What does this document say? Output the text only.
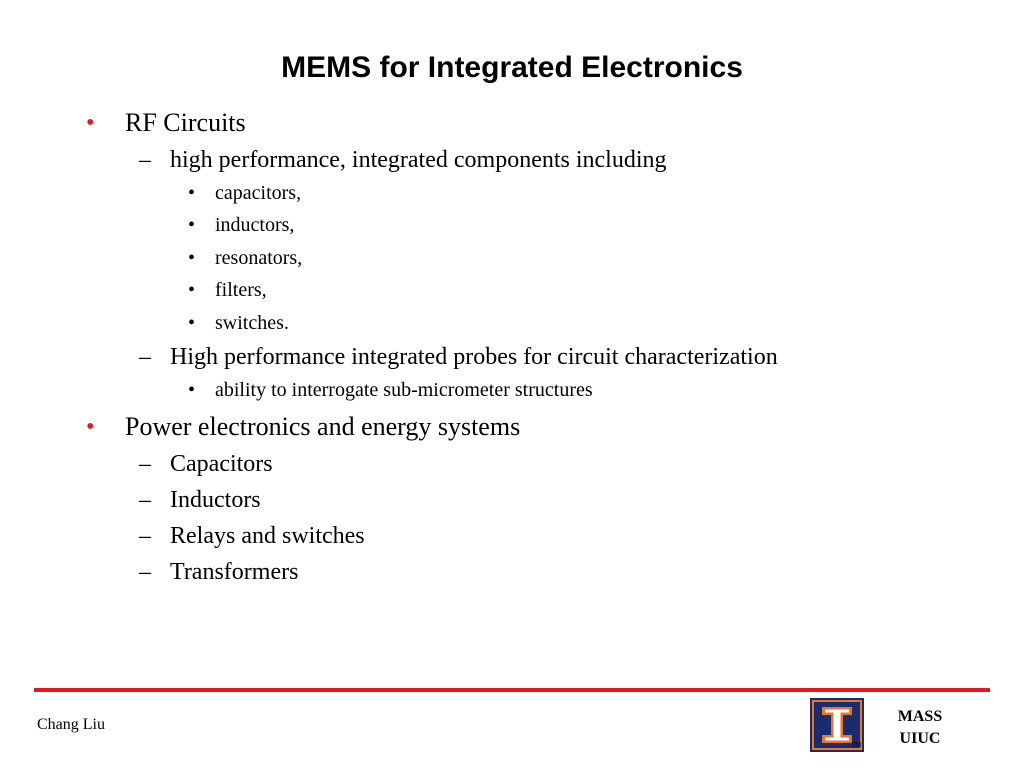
MEMS for Integrated Electronics
• RF Circuits
– high performance, integrated components including
• capacitors,
• inductors,
• resonators,
• filters,
• switches.
– High performance integrated probes for circuit characterization
• ability to interrogate sub-micrometer structures
• Power electronics and energy systems
– Capacitors
– Inductors
– Relays and switches
– Transformers
Chang Liu
TM
MASS
UIUC
